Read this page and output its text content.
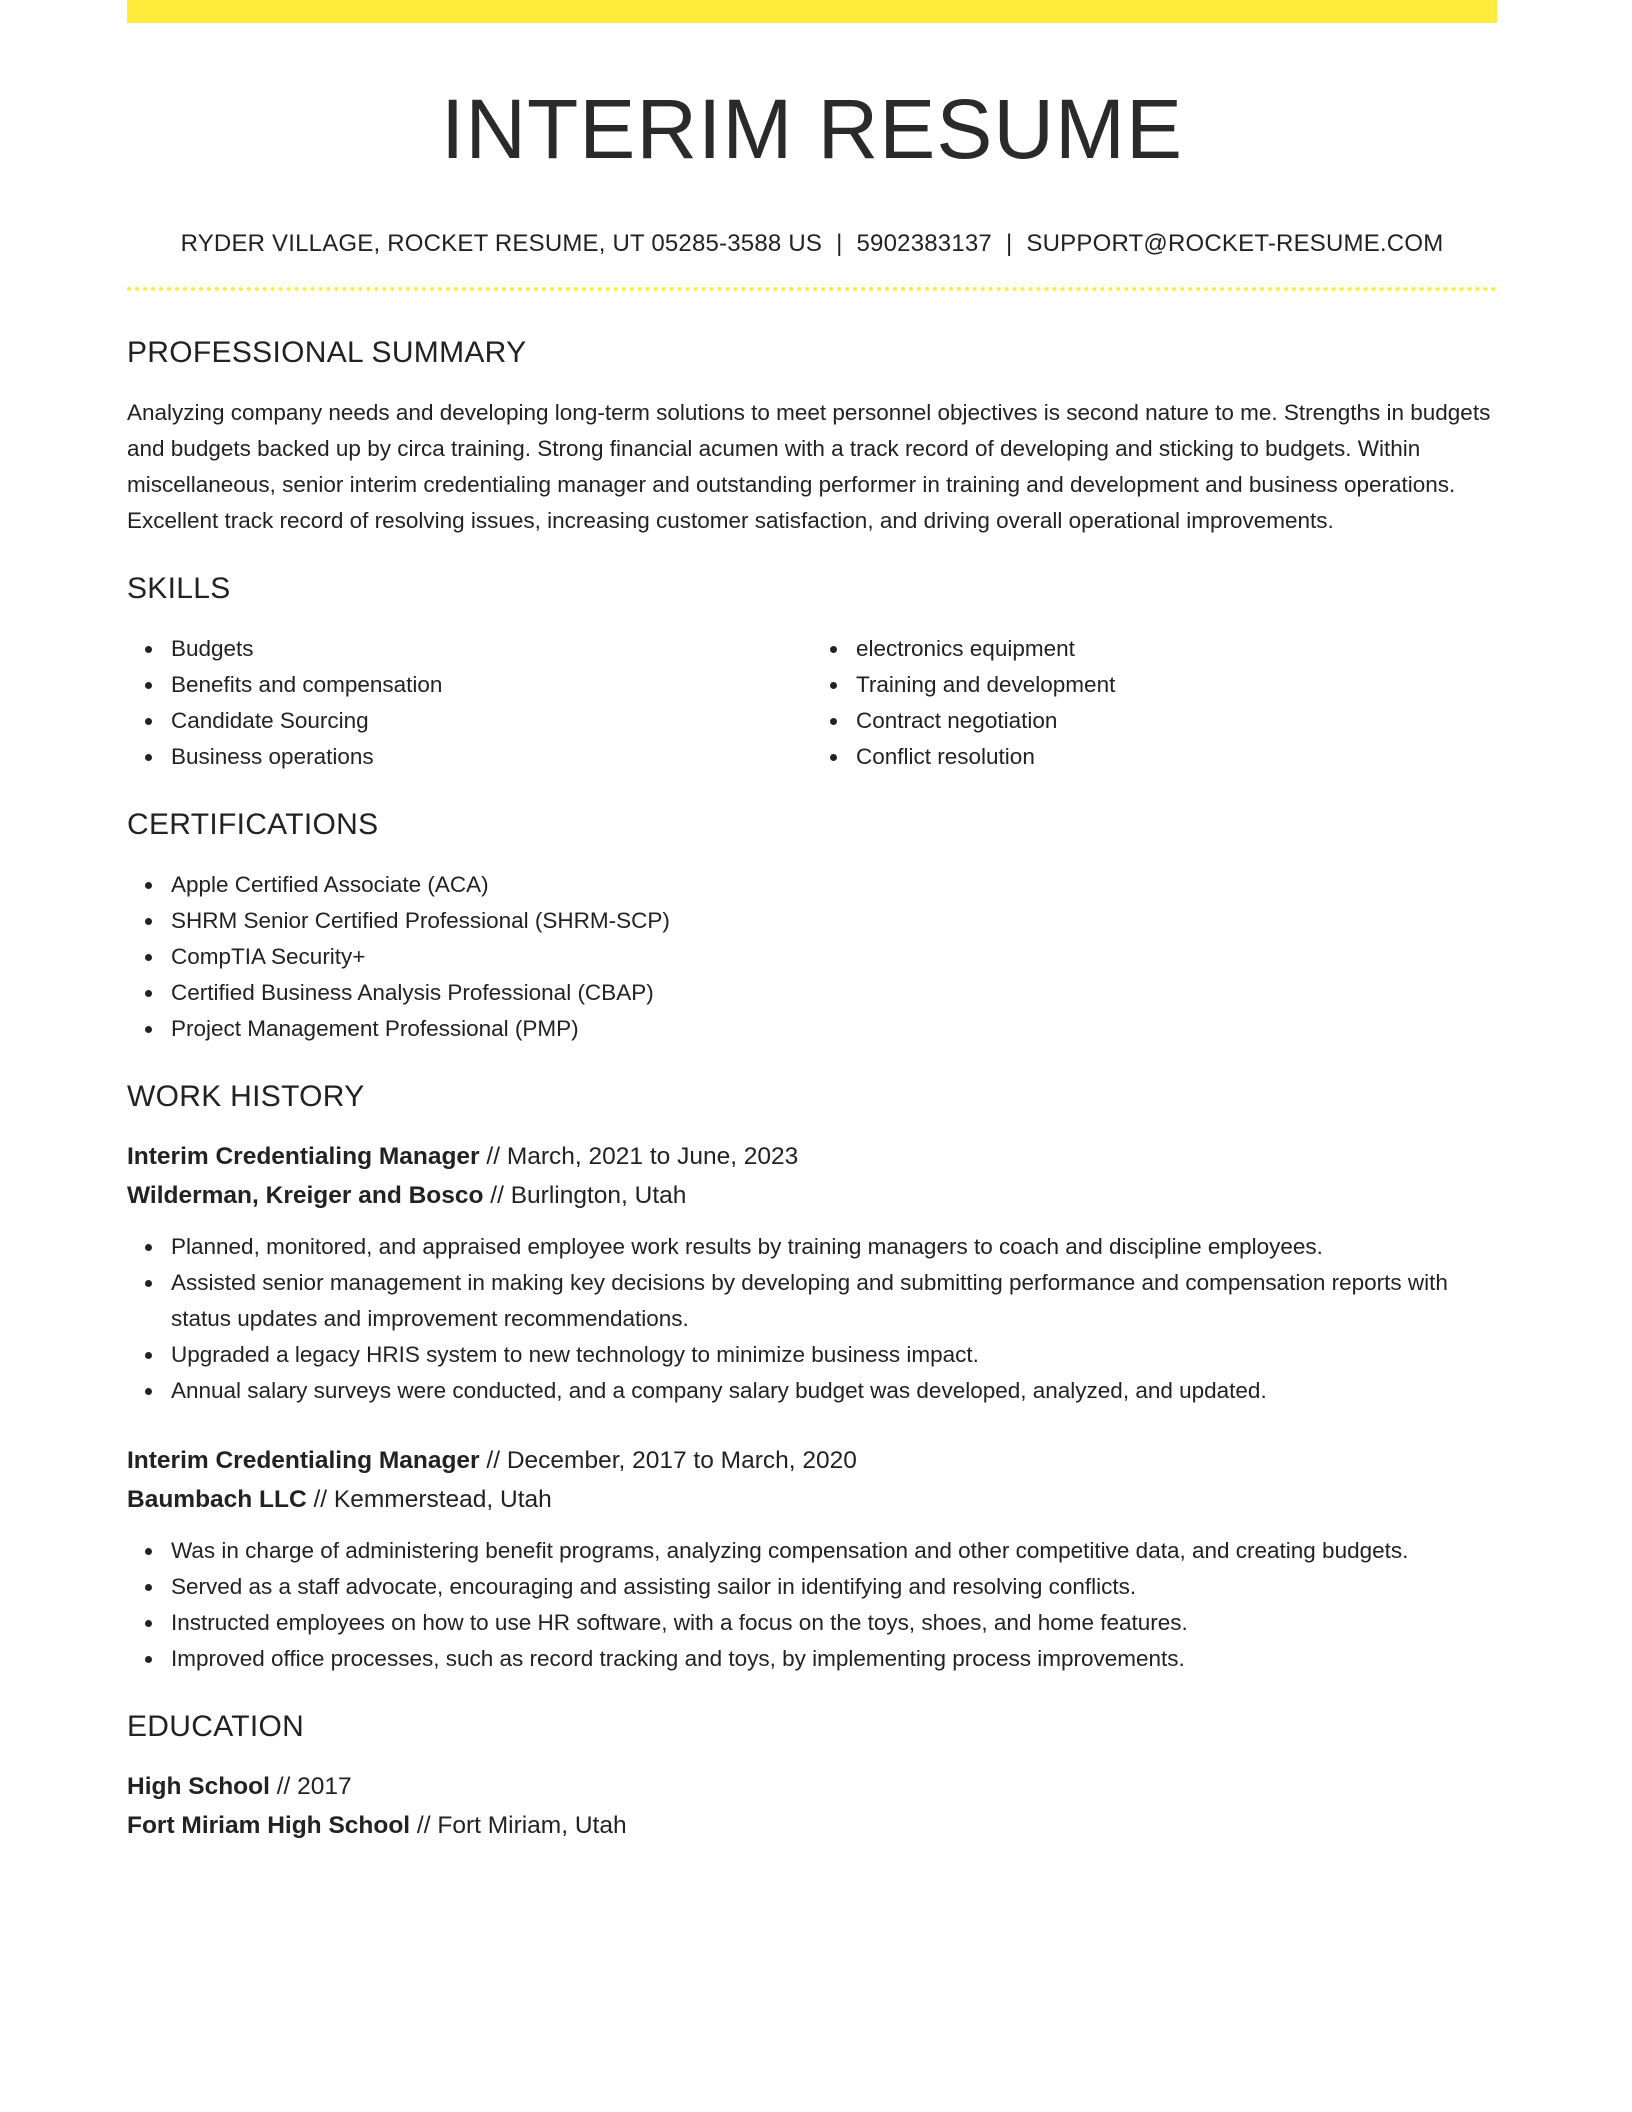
INTERIM RESUME
RYDER VILLAGE, ROCKET RESUME, UT 05285-3588 US | 5902383137 | SUPPORT@ROCKET-RESUME.COM
PROFESSIONAL SUMMARY
Analyzing company needs and developing long-term solutions to meet personnel objectives is second nature to me. Strengths in budgets and budgets backed up by circa training. Strong financial acumen with a track record of developing and sticking to budgets. Within miscellaneous, senior interim credentialing manager and outstanding performer in training and development and business operations. Excellent track record of resolving issues, increasing customer satisfaction, and driving overall operational improvements.
SKILLS
Budgets
Benefits and compensation
Candidate Sourcing
Business operations
electronics equipment
Training and development
Contract negotiation
Conflict resolution
CERTIFICATIONS
Apple Certified Associate (ACA)
SHRM Senior Certified Professional (SHRM-SCP)
CompTIA Security+
Certified Business Analysis Professional (CBAP)
Project Management Professional (PMP)
WORK HISTORY
Interim Credentialing Manager // March, 2021 to June, 2023
Wilderman, Kreiger and Bosco // Burlington, Utah
Planned, monitored, and appraised employee work results by training managers to coach and discipline employees.
Assisted senior management in making key decisions by developing and submitting performance and compensation reports with status updates and improvement recommendations.
Upgraded a legacy HRIS system to new technology to minimize business impact.
Annual salary surveys were conducted, and a company salary budget was developed, analyzed, and updated.
Interim Credentialing Manager // December, 2017 to March, 2020
Baumbach LLC // Kemmerstead, Utah
Was in charge of administering benefit programs, analyzing compensation and other competitive data, and creating budgets.
Served as a staff advocate, encouraging and assisting sailor in identifying and resolving conflicts.
Instructed employees on how to use HR software, with a focus on the toys, shoes, and home features.
Improved office processes, such as record tracking and toys, by implementing process improvements.
EDUCATION
High School // 2017
Fort Miriam High School // Fort Miriam, Utah
